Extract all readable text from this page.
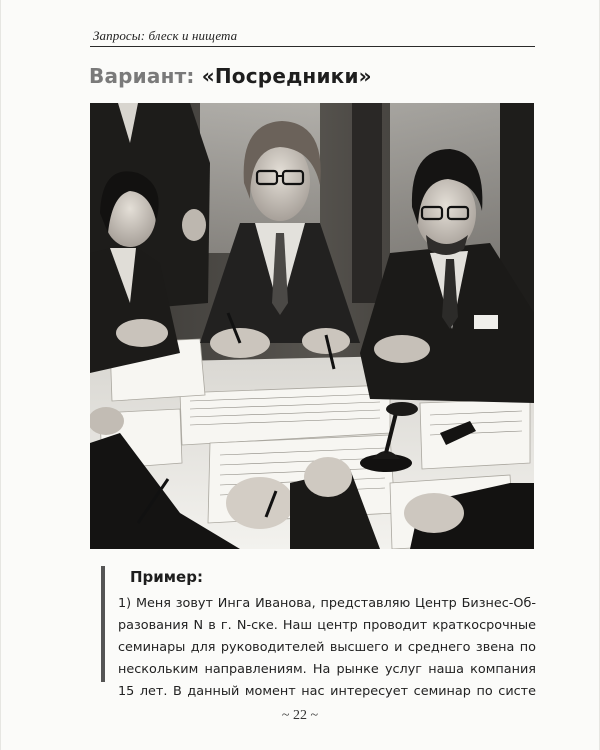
Запросы: блеск и нищета
Вариант: «Посредники»
Пример:
1) Меня зовут Инга Иванова, представляю Центр Бизнес-Об-
разования N в г. N-ске. Наш центр проводит краткосрочные
семинары для руководителей высшего и среднего звена по
нескольким направлениям. На рынке услуг наша компания
15 лет. В данный момент нас интересует семинар по систе
~ 22 ~
